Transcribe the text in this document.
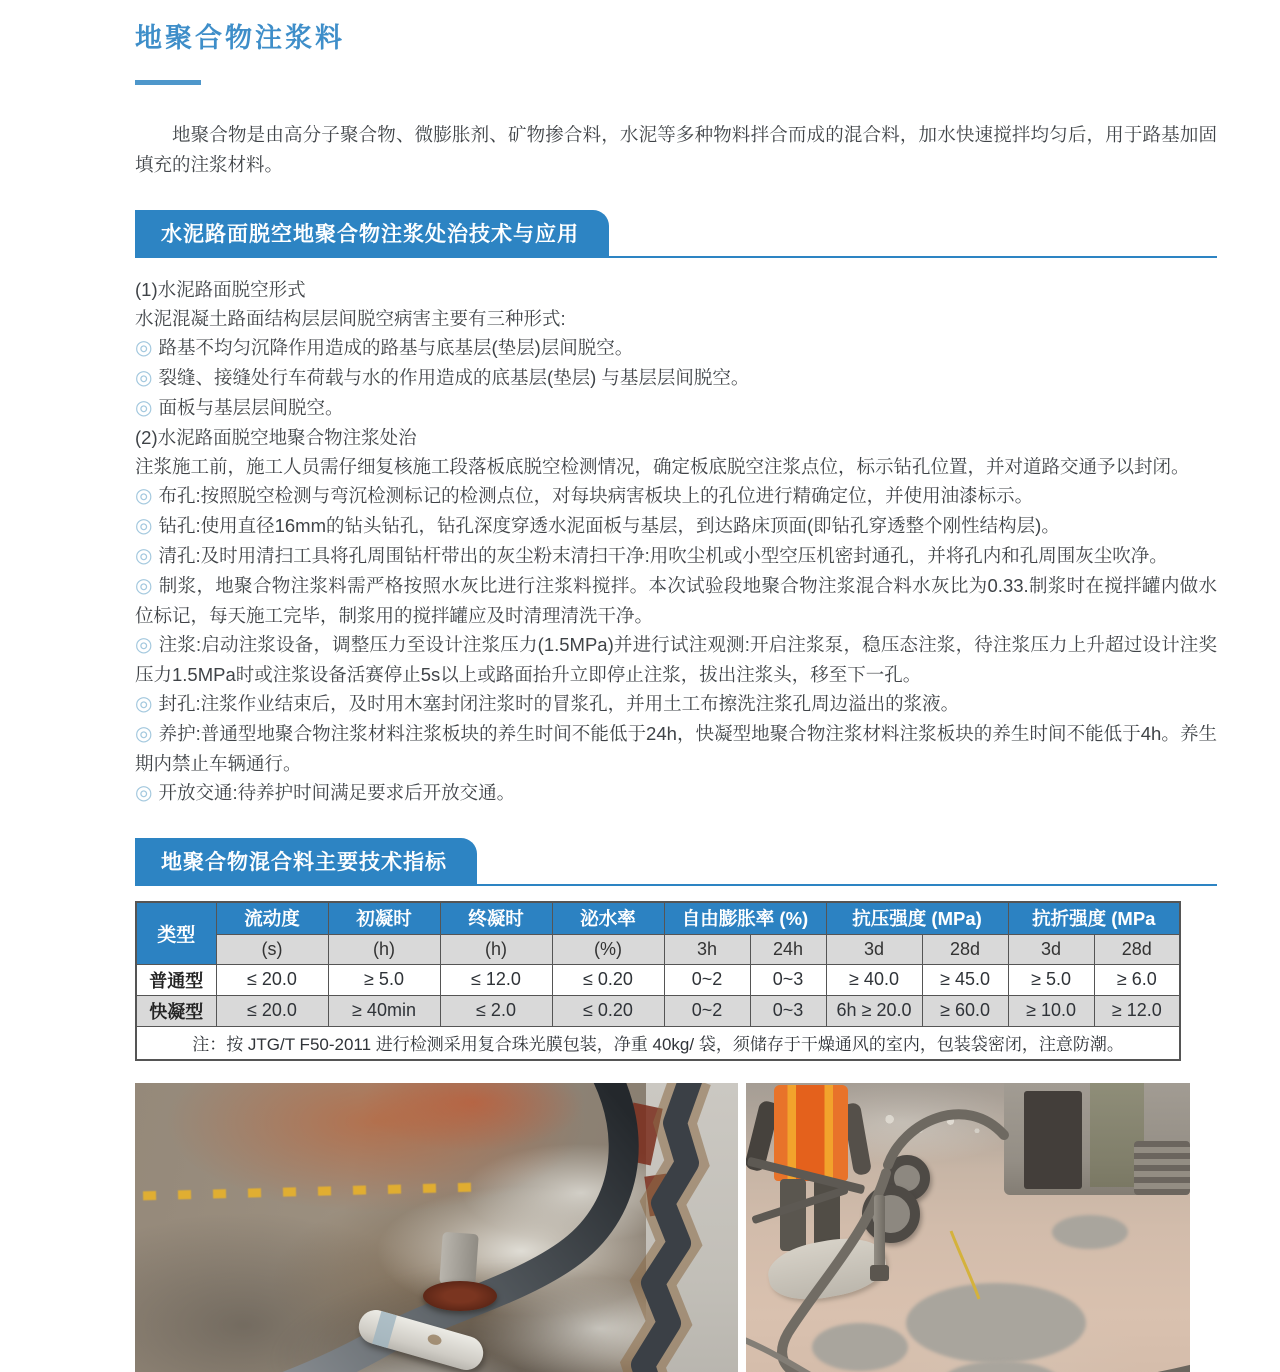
地聚合物注浆料

地聚合物是由高分子聚合物、微膨胀剂、矿物掺合料，水泥等多种物料拌合而成的混合料，加水快速搅拌均匀后，用于路基加固填充的注浆材料。

水泥路面脱空地聚合物注浆处治技术与应用

(1)水泥路面脱空形式

水泥混凝土路面结构层层间脱空病害主要有三种形式:

◎ 路基不均匀沉降作用造成的路基与底基层(垫层)层间脱空。

◎ 裂缝、接缝处行车荷载与水的作用造成的底基层(垫层) 与基层层间脱空。

◎ 面板与基层层间脱空。

(2)水泥路面脱空地聚合物注浆处治

注浆施工前，施工人员需仔细复核施工段落板底脱空检测情况，确定板底脱空注浆点位，标示钻孔位置，并对道路交通予以封闭。

◎ 布孔:按照脱空检测与弯沉检测标记的检测点位，对每块病害板块上的孔位进行精确定位，并使用油漆标示。

◎ 钻孔:使用直径16mm的钻头钻孔，钻孔深度穿透水泥面板与基层，到达路床顶面(即钻孔穿透整个刚性结构层)。

◎ 清孔:及时用清扫工具将孔周围钻杆带出的灰尘粉末清扫干净:用吹尘机或小型空压机密封通孔，并将孔内和孔周围灰尘吹净。

◎ 制浆，地聚合物注浆料需严格按照水灰比进行注浆料搅拌。本次试验段地聚合物注浆混合料水灰比为0.33.制浆时在搅拌罐内做水位标记，每天施工完毕，制浆用的搅拌罐应及时清理清洗干净。

◎ 注浆:启动注浆设备，调整压力至设计注浆压力(1.5MPa)并进行试注观测:开启注浆泵，稳压态注浆，待注浆压力上升超过设计注奖压力1.5MPa时或注浆设备活赛停止5s以上或路面抬升立即停止注浆，拔出注浆头，移至下一孔。

◎ 封孔:注浆作业结束后，及时用木塞封闭注浆时的冒浆孔，并用土工布擦洗注浆孔周边溢出的浆液。

◎ 养护:普通型地聚合物注浆材料注浆板块的养生时间不能低于24h，快凝型地聚合物注浆材料注浆板块的养生时间不能低于4h。养生期内禁止车辆通行。

◎ 开放交通:待养护时间满足要求后开放交通。

地聚合物混合料主要技术指标
类型	流动度	初凝时	终凝时	泌水率	自由膨胀率 (%)		抗压强度 (MPa)		抗折强度 (MPa	
	(s)	(h)	(h)	(%)	3h	24h	3d	28d	3d	28d
普通型	≤ 20.0	≥ 5.0	≤ 12.0	≤ 0.20	0~2	0~3	≥ 40.0	≥ 45.0	≥ 5.0	≥ 6.0
快凝型	≤ 20.0	≥ 40min	≤ 2.0	≤ 0.20	0~2	0~3	6h ≥ 20.0	≥ 60.0	≥ 10.0	≥ 12.0
注：按 JTG/T F50-2011 进行检测采用复合珠光膜包装，净重 40kg/ 袋，须储存于干燥通风的室内，包装袋密闭，注意防潮。										
